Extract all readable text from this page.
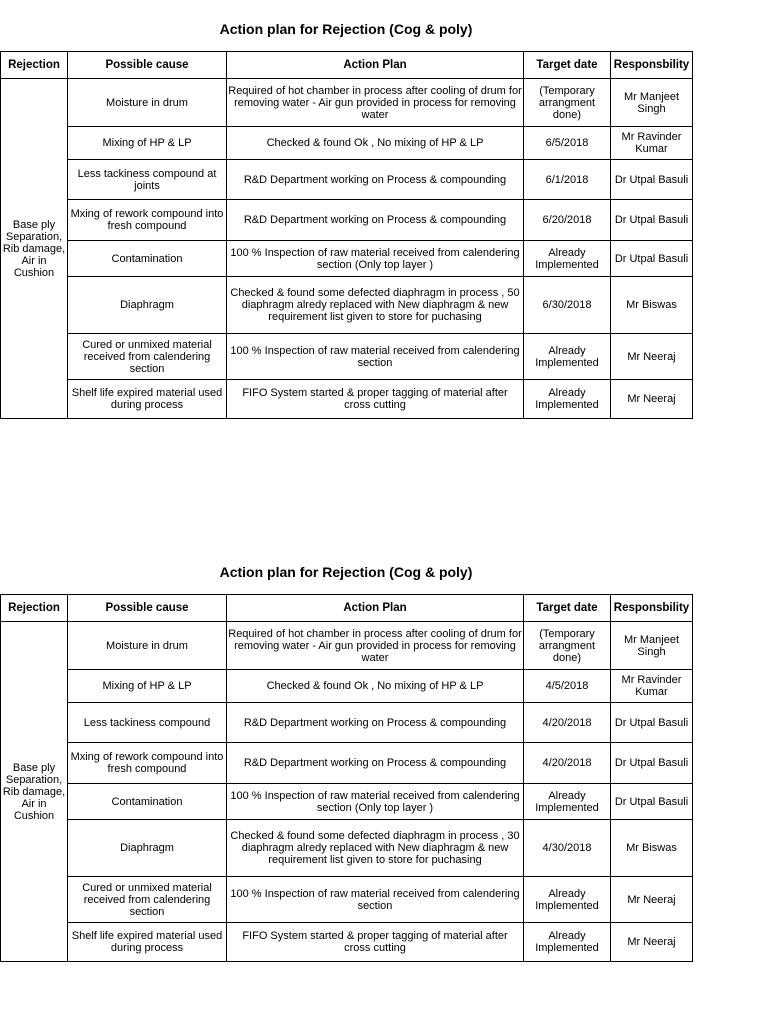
Action plan for Rejection (Cog & poly)
Rejection	Possible cause	Action Plan	Target date	Responsbility
Base ply Separation, Rib damage, Air in Cushion	Moisture in drum	Required of hot chamber in process after cooling of drum for removing water - Air gun provided in process for removing water	(Temporary arrangment done)	Mr Manjeet Singh
	Mixing of HP & LP	Checked & found Ok , No mixing of HP & LP	6/5/2018	Mr Ravinder Kumar
	Less tackiness compound at joints	R&D Department working on Process & compounding	6/1/2018	Dr Utpal Basuli
	Mxing of rework compound into fresh compound	R&D Department working on Process & compounding	6/20/2018	Dr Utpal Basuli
	Contamination	100 % Inspection of raw material received from calendering section (Only top layer )	Already Implemented	Dr Utpal Basuli
	Diaphragm	Checked & found some defected diaphragm in process , 50 diaphragm alredy replaced with New diaphragm & new requirement list given to store for puchasing	6/30/2018	Mr Biswas
	Cured or unmixed material received from calendering section	100 % Inspection of raw material received from calendering section	Already Implemented	Mr Neeraj
	Shelf life expired material used during process	FIFO System started & proper tagging of material after cross cutting	Already Implemented	Mr Neeraj
Action plan for Rejection (Cog & poly)
Rejection	Possible cause	Action Plan	Target date	Responsbility
Base ply Separation, Rib damage, Air in Cushion	Moisture in drum	Required of hot chamber in process after cooling of drum for removing water - Air gun provided in process for removing water	(Temporary arrangment done)	Mr Manjeet Singh
	Mixing of HP & LP	Checked & found Ok , No mixing of HP & LP	4/5/2018	Mr Ravinder Kumar
	Less tackiness compound	R&D Department working on Process & compounding	4/20/2018	Dr Utpal Basuli
	Mxing of rework compound into fresh compound	R&D Department working on Process & compounding	4/20/2018	Dr Utpal Basuli
	Contamination	100 % Inspection of raw material received from calendering section (Only top layer )	Already Implemented	Dr Utpal Basuli
	Diaphragm	Checked & found some defected diaphragm in process , 30 diaphragm alredy replaced with New diaphragm & new requirement list given to store for puchasing	4/30/2018	Mr Biswas
	Cured or unmixed material received from calendering section	100 % Inspection of raw material received from calendering section	Already Implemented	Mr Neeraj
	Shelf life expired material used during process	FIFO System started & proper tagging of material after cross cutting	Already Implemented	Mr Neeraj
